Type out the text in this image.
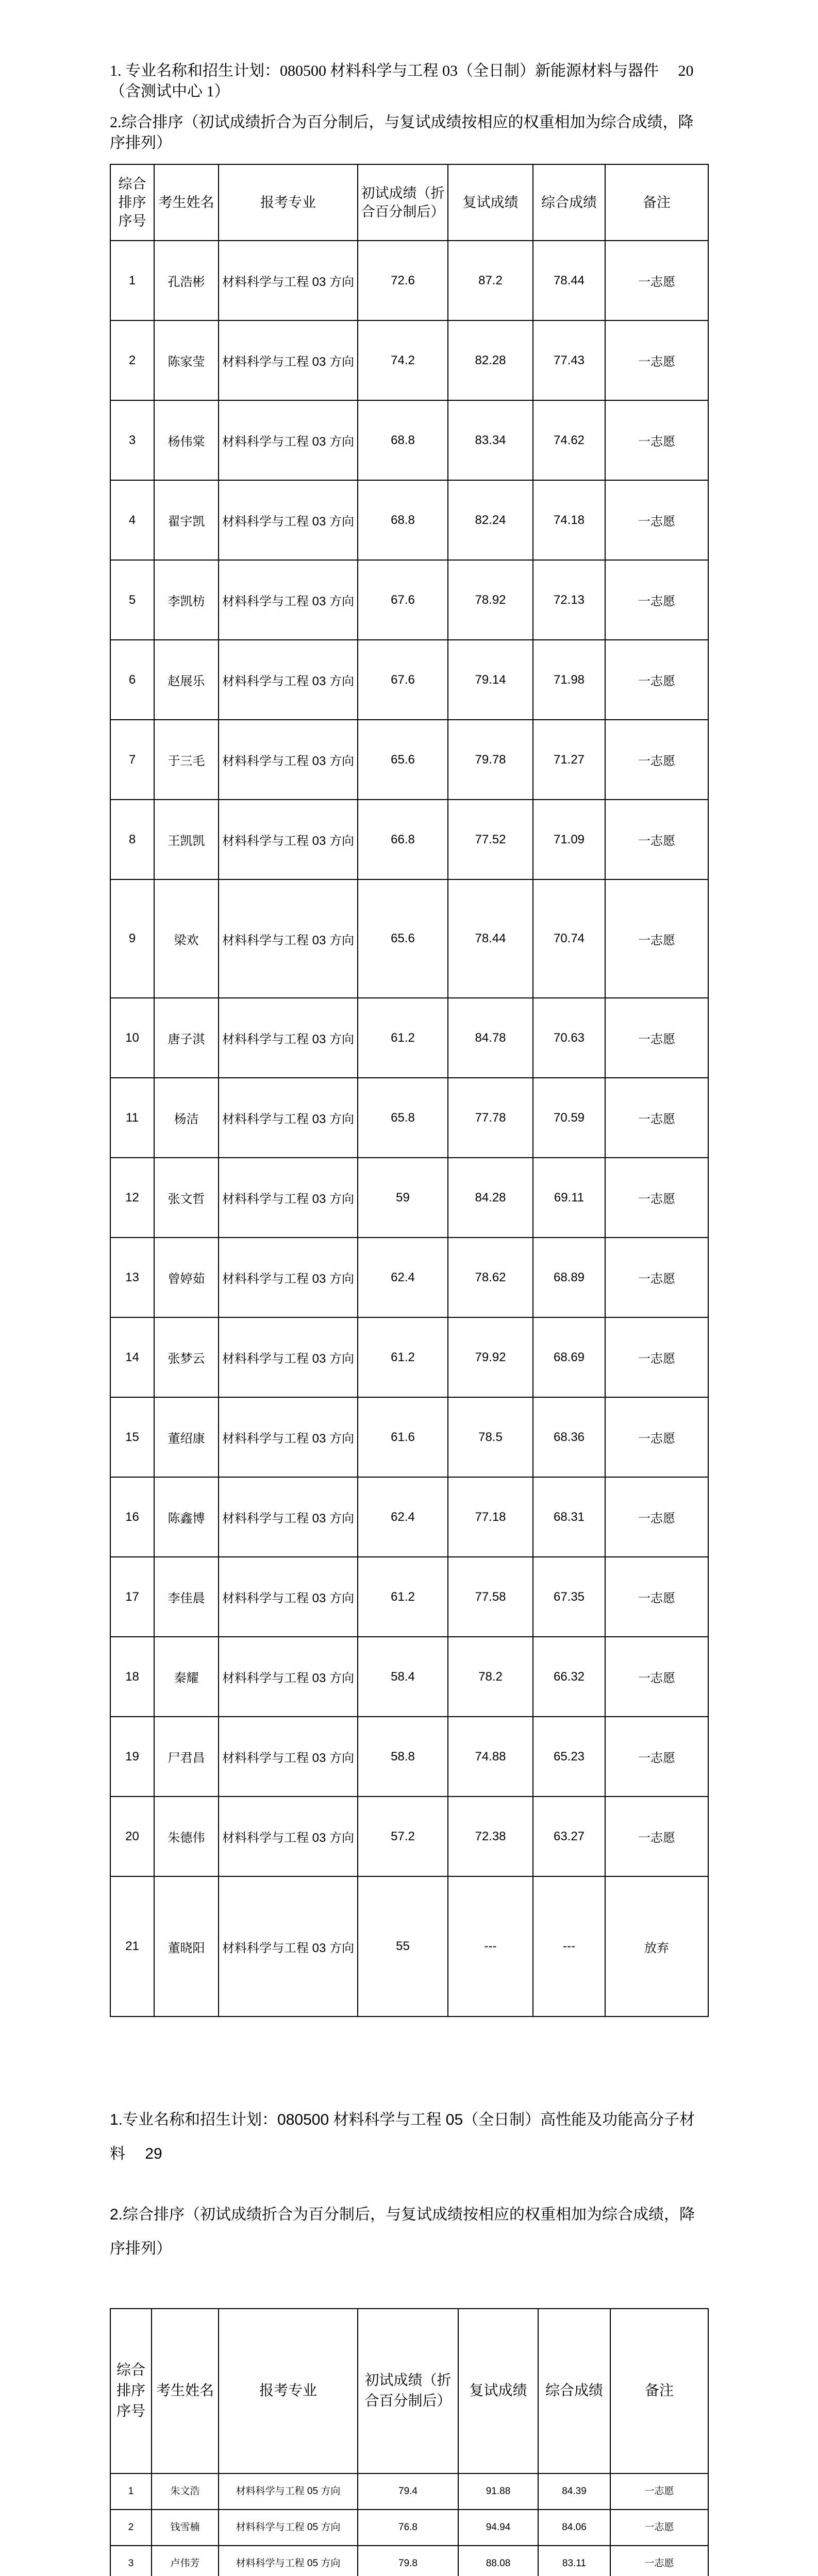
1. 专业名称和招生计划：080500 材料科学与工程 03（全日制）新能源材料与器件　 20（含测试中心 1）

2.综合排序（初试成绩折合为百分制后，与复试成绩按相应的权重相加为综合成绩，降序排列）

综合排序序号	考生姓名	报考专业	初试成绩（折合百分制后）	复试成绩	综合成绩	备注
1	孔浩彬	材料科学与工程 03 方向	72.6	87.2	78.44	一志愿
2	陈家莹	材料科学与工程 03 方向	74.2	82.28	77.43	一志愿
3	杨伟棠	材料科学与工程 03 方向	68.8	83.34	74.62	一志愿
4	翟宇凯	材料科学与工程 03 方向	68.8	82.24	74.18	一志愿
5	李凯枋	材料科学与工程 03 方向	67.6	78.92	72.13	一志愿
6	赵展乐	材料科学与工程 03 方向	67.6	79.14	71.98	一志愿
7	于三毛	材料科学与工程 03 方向	65.6	79.78	71.27	一志愿
8	王凯凯	材料科学与工程 03 方向	66.8	77.52	71.09	一志愿
9	梁欢	材料科学与工程 03 方向	65.6	78.44	70.74	一志愿
10	唐子淇	材料科学与工程 03 方向	61.2	84.78	70.63	一志愿
11	杨洁	材料科学与工程 03 方向	65.8	77.78	70.59	一志愿
12	张文哲	材料科学与工程 03 方向	59	84.28	69.11	一志愿
13	曾婷茹	材料科学与工程 03 方向	62.4	78.62	68.89	一志愿
14	张梦云	材料科学与工程 03 方向	61.2	79.92	68.69	一志愿
15	董绍康	材料科学与工程 03 方向	61.6	78.5	68.36	一志愿
16	陈鑫博	材料科学与工程 03 方向	62.4	77.18	68.31	一志愿
17	李佳晨	材料科学与工程 03 方向	61.2	77.58	67.35	一志愿
18	秦耀	材料科学与工程 03 方向	58.4	78.2	66.32	一志愿
19	尸君昌	材料科学与工程 03 方向	58.8	74.88	65.23	一志愿
20	朱德伟	材料科学与工程 03 方向	57.2	72.38	63.27	一志愿
21	董晓阳	材料科学与工程 03 方向	55	---	---	放弃

1.专业名称和招生计划：080500 材料科学与工程 05（全日制）高性能及功能高分子材料　 29

2.综合排序（初试成绩折合为百分制后，与复试成绩按相应的权重相加为综合成绩，降序排列）

综合排序序号	考生姓名	报考专业	初试成绩（折合百分制后）	复试成绩	综合成绩	备注
1	朱文浩	材料科学与工程 05 方向	79.4	91.88	84.39	一志愿
2	钱雪楠	材料科学与工程 05 方向	76.8	94.94	84.06	一志愿
3	卢伟芳	材料科学与工程 05 方向	79.8	88.08	83.11	一志愿
